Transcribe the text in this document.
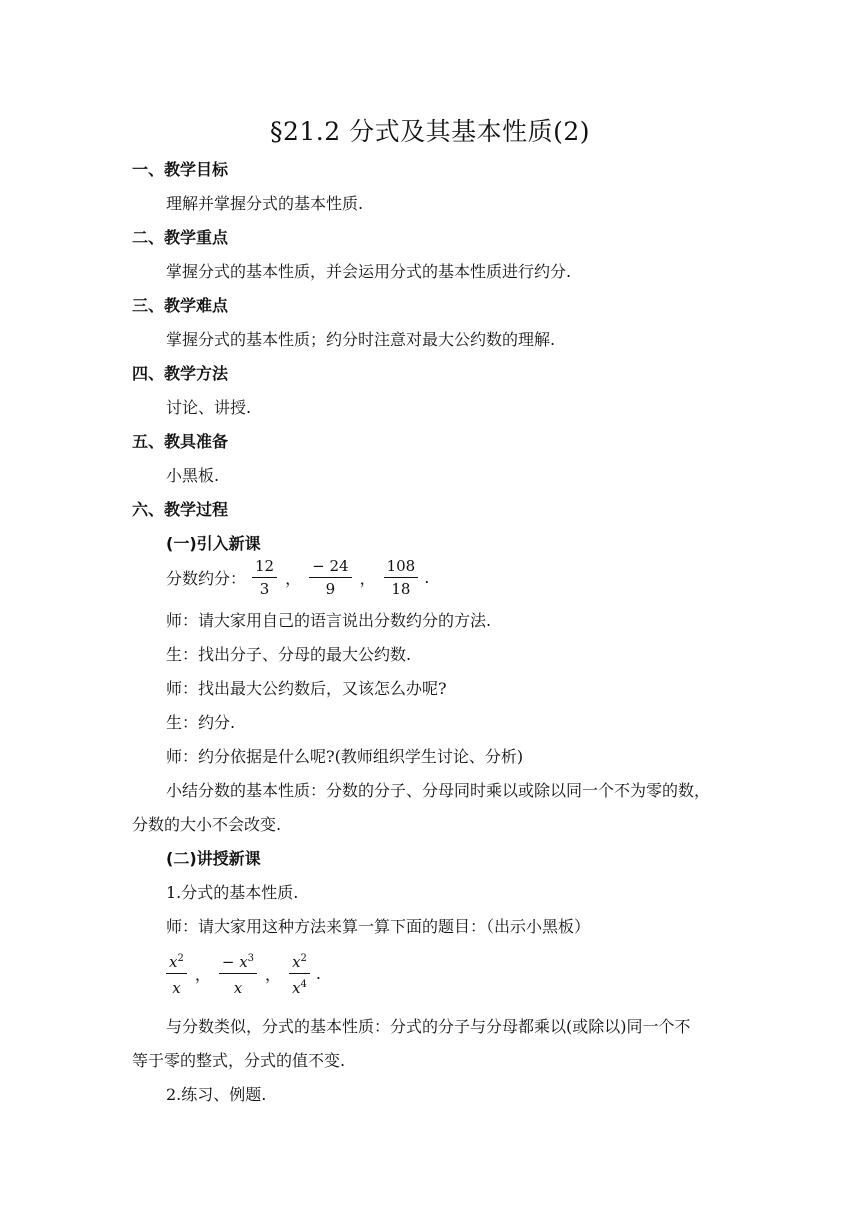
§21.2 分式及其基本性质(2)
一、教学目标
理解并掌握分式的基本性质.
二、教学重点
掌握分式的基本性质，并会运用分式的基本性质进行约分.
三、教学难点
掌握分式的基本性质；约分时注意对最大公约数的理解.
四、教学方法
讨论、讲授.
五、教具准备
小黑板.
六、教学过程
(一)引入新课
分数约分： $\frac{12}{3}$ ， $\frac{- 24}{9}$ ， $\frac{108}{18}$ .
师：请大家用自己的语言说出分数约分的方法.
生：找出分子、分母的最大公约数.
师：找出最大公约数后，又该怎么办呢?
生：约分.
师：约分依据是什么呢?(教师组织学生讨论、分析)
小结分数的基本性质：分数的分子、分母同时乘以或除以同一个不为零的数，
分数的大小不会改变.
(二)讲授新课
1.分式的基本性质.
师：请大家用这种方法来算一算下面的题目：（出示小黑板）
$\frac{x^2}{x}$ ， $\frac{- x^3}{x}$ ， $\frac{x^2}{x^4}$ .
与分数类似，分式的基本性质：分式的分子与分母都乘以(或除以)同一个不
等于零的整式，分式的值不变.
2.练习、例题.
